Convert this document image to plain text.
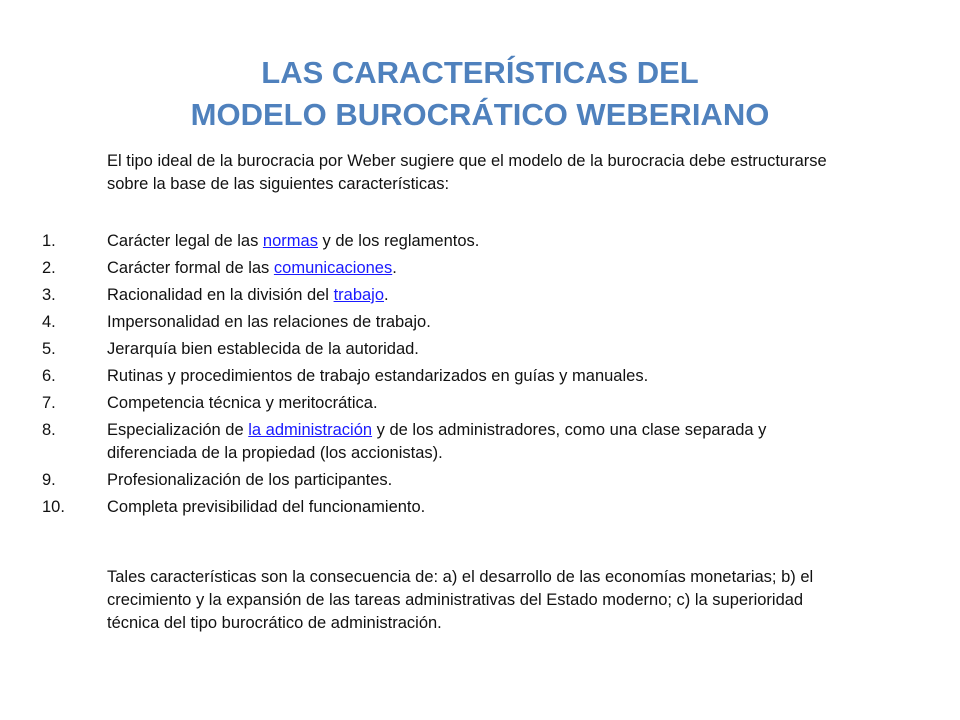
LAS CARACTERÍSTICAS DEL
MODELO BUROCRÁTICO WEBERIANO

El tipo ideal de la burocracia por Weber sugiere que el modelo de la burocracia debe estructurarse sobre la base de las siguientes características:

1.	Carácter legal de las normas y de los reglamentos.
2.	Carácter formal de las comunicaciones.
3.	Racionalidad en la división del trabajo.
4.	Impersonalidad en las relaciones de trabajo.
5.	Jerarquía bien establecida de la autoridad.
6.	Rutinas y procedimientos de trabajo estandarizados en guías y manuales.
7.	Competencia técnica y meritocrática.
8.	Especialización de la administración y de los administradores, como una clase separada y diferenciada de la propiedad (los accionistas).
9.	Profesionalización de los participantes.
10.	Completa previsibilidad del funcionamiento.

Tales características son la consecuencia de: a) el desarrollo de las economías monetarias; b) el crecimiento y la expansión de las tareas administrativas del Estado moderno; c) la superioridad técnica del tipo burocrático de administración.
